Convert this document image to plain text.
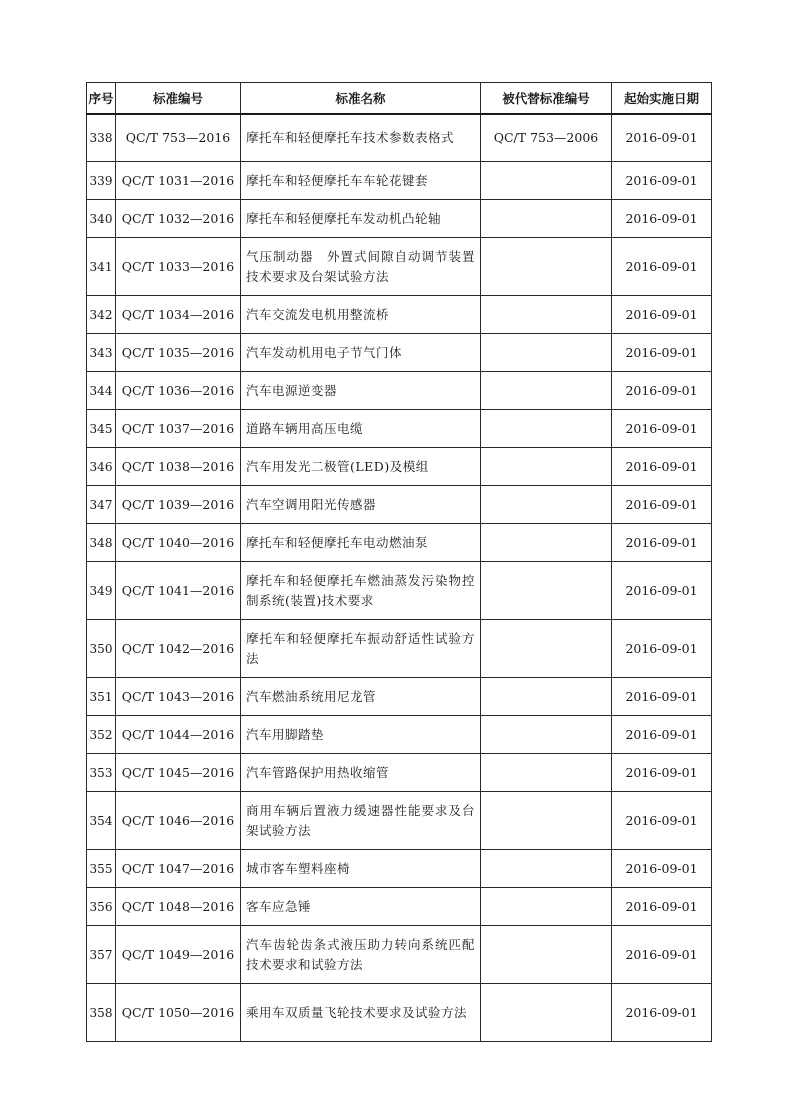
序号	标准编号	标准名称	被代替标准编号	起始实施日期
338	QC/T 753—2016	摩托车和轻便摩托车技术参数表格式	QC/T 753—2006	2016-09-01
339	QC/T 1031—2016	摩托车和轻便摩托车车轮花键套		2016-09-01
340	QC/T 1032—2016	摩托车和轻便摩托车发动机凸轮轴		2016-09-01
341	QC/T 1033—2016	气压制动器　外置式间隙自动调节装置技术要求及台架试验方法		2016-09-01
342	QC/T 1034—2016	汽车交流发电机用整流桥		2016-09-01
343	QC/T 1035—2016	汽车发动机用电子节气门体		2016-09-01
344	QC/T 1036—2016	汽车电源逆变器		2016-09-01
345	QC/T 1037—2016	道路车辆用高压电缆		2016-09-01
346	QC/T 1038—2016	汽车用发光二极管(LED)及模组		2016-09-01
347	QC/T 1039—2016	汽车空调用阳光传感器		2016-09-01
348	QC/T 1040—2016	摩托车和轻便摩托车电动燃油泵		2016-09-01
349	QC/T 1041—2016	摩托车和轻便摩托车燃油蒸发污染物控制系统(装置)技术要求		2016-09-01
350	QC/T 1042—2016	摩托车和轻便摩托车振动舒适性试验方法		2016-09-01
351	QC/T 1043—2016	汽车燃油系统用尼龙管		2016-09-01
352	QC/T 1044—2016	汽车用脚踏垫		2016-09-01
353	QC/T 1045—2016	汽车管路保护用热收缩管		2016-09-01
354	QC/T 1046—2016	商用车辆后置液力缓速器性能要求及台架试验方法		2016-09-01
355	QC/T 1047—2016	城市客车塑料座椅		2016-09-01
356	QC/T 1048—2016	客车应急锤		2016-09-01
357	QC/T 1049—2016	汽车齿轮齿条式液压助力转向系统匹配技术要求和试验方法		2016-09-01
358	QC/T 1050—2016	乘用车双质量飞轮技术要求及试验方法		2016-09-01
